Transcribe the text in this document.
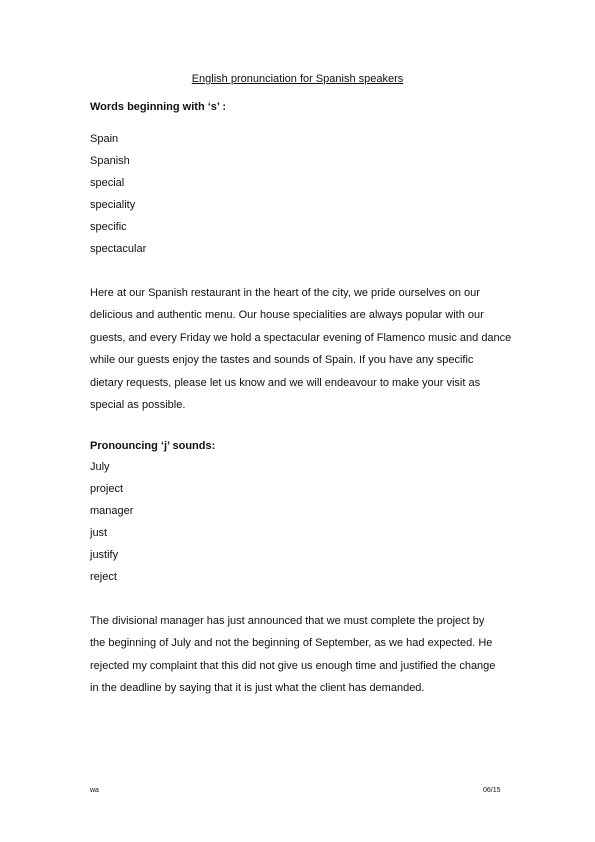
English pronunciation for Spanish speakers
Words beginning with ‘s’ :
Spain
Spanish
special
speciality
specific
spectacular

Here at our Spanish restaurant in the heart of the city, we pride ourselves on our
delicious and authentic menu. Our house specialities are always popular with our
guests, and every Friday we hold a spectacular evening of Flamenco music and dance
while our guests enjoy the tastes and sounds of Spain. If you have any specific
dietary requests, please let us know and we will endeavour to make your visit as
special as possible.

Pronouncing ‘j’ sounds:
July
project
manager
just
justify
reject

The divisional manager has just announced that we must complete the project by
the beginning of July and not the beginning of September, as we had expected. He
rejected my complaint that this did not give us enough time and justified the change
in the deadline by saying that it is just what the client has demanded.

wa	06/15
